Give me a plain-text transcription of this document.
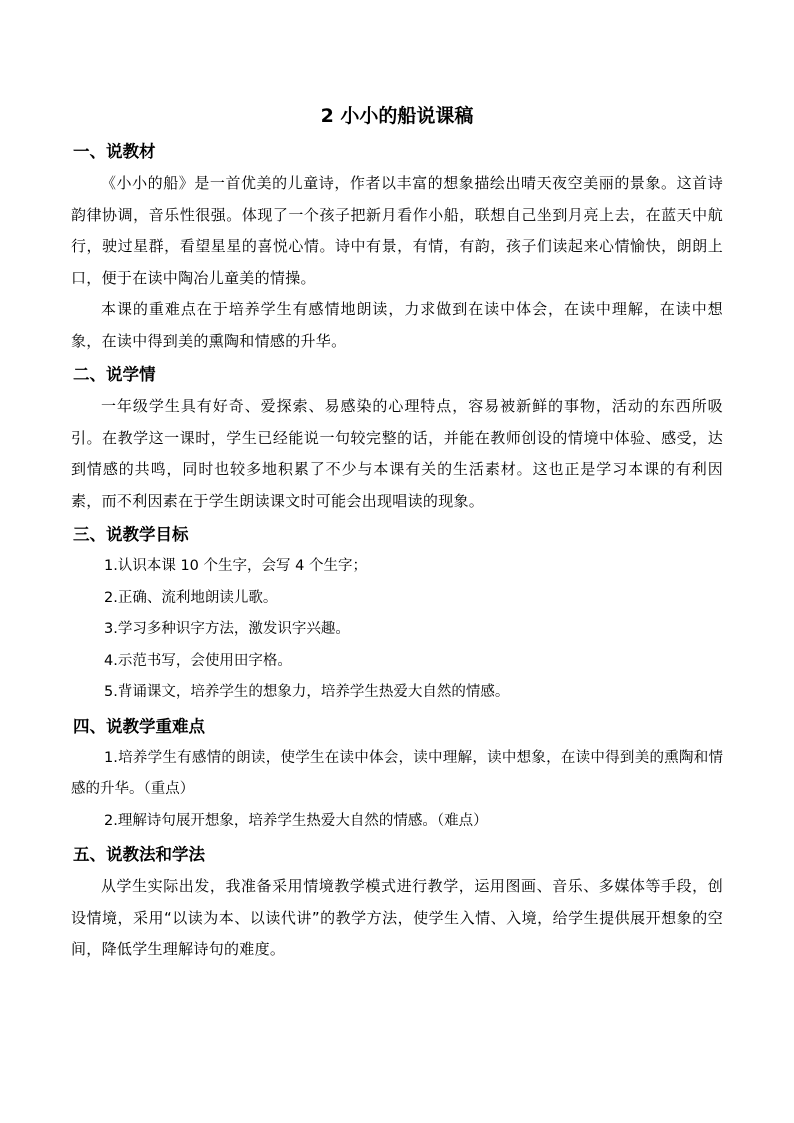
2 小小的船说课稿
一、说教材

《小小的船》是一首优美的儿童诗，作者以丰富的想象描绘出晴天夜空美丽的景象。这首诗韵律协调，音乐性很强。体现了一个孩子把新月看作小船，联想自己坐到月亮上去，在蓝天中航行，驶过星群，看望星星的喜悦心情。诗中有景，有情，有韵，孩子们读起来心情愉快，朗朗上口，便于在读中陶冶儿童美的情操。

本课的重难点在于培养学生有感情地朗读，力求做到在读中体会，在读中理解，在读中想象，在读中得到美的熏陶和情感的升华。

二、说学情

一年级学生具有好奇、爱探索、易感染的心理特点，容易被新鲜的事物，活动的东西所吸引。在教学这一课时，学生已经能说一句较完整的话，并能在教师创设的情境中体验、感受，达到情感的共鸣，同时也较多地积累了不少与本课有关的生活素材。这也正是学习本课的有利因素，而不利因素在于学生朗读课文时可能会出现唱读的现象。

三、说教学目标

1.认识本课 10 个生字，会写 4 个生字；

2.正确、流利地朗读儿歌。

3.学习多种识字方法，激发识字兴趣。

4.示范书写，会使用田字格。

5.背诵课文，培养学生的想象力，培养学生热爱大自然的情感。

四、说教学重难点

1.培养学生有感情的朗读，使学生在读中体会，读中理解，读中想象，在读中得到美的熏陶和情感的升华。（重点）

2.理解诗句展开想象，培养学生热爱大自然的情感。（难点）

五、说教法和学法

从学生实际出发，我准备采用情境教学模式进行教学，运用图画、音乐、多媒体等手段，创设情境，采用“以读为本、以读代讲”的教学方法，使学生入情、入境，给学生提供展开想象的空间，降低学生理解诗句的难度。
